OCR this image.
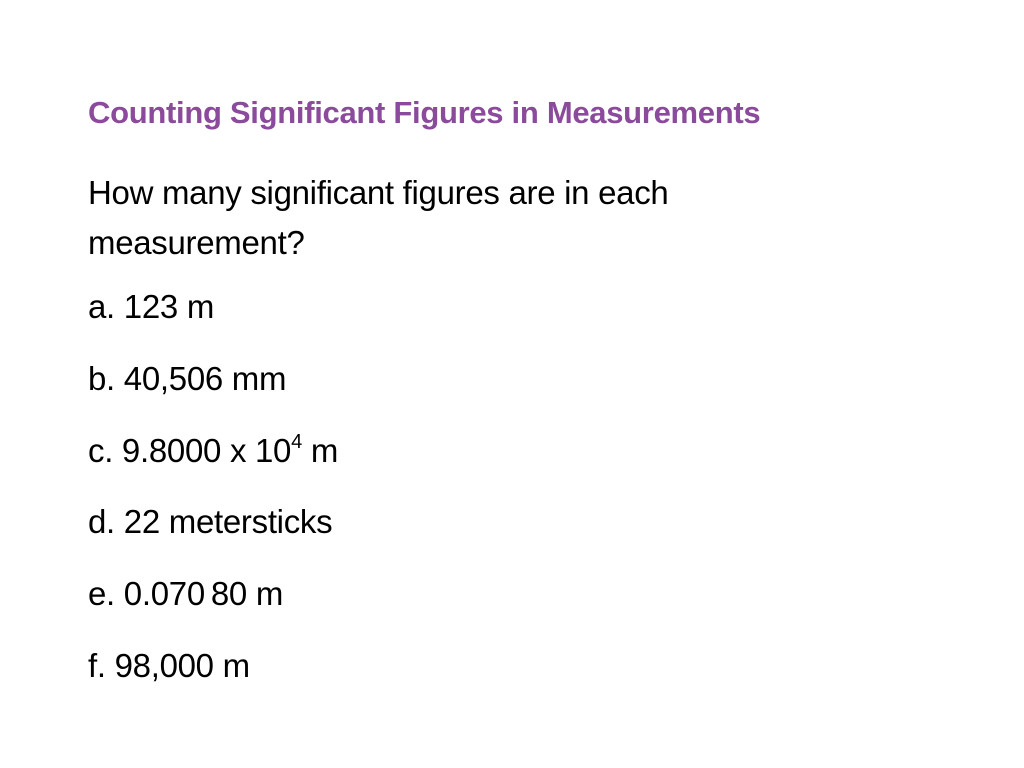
Counting Significant Figures in Measurements
How many significant figures are in each measurement?
a. 123 m
b. 40,506 mm
c. 9.8000 x $10^4$ m
d. 22 metersticks
e. 0.070 80 m
f. 98,000 m
